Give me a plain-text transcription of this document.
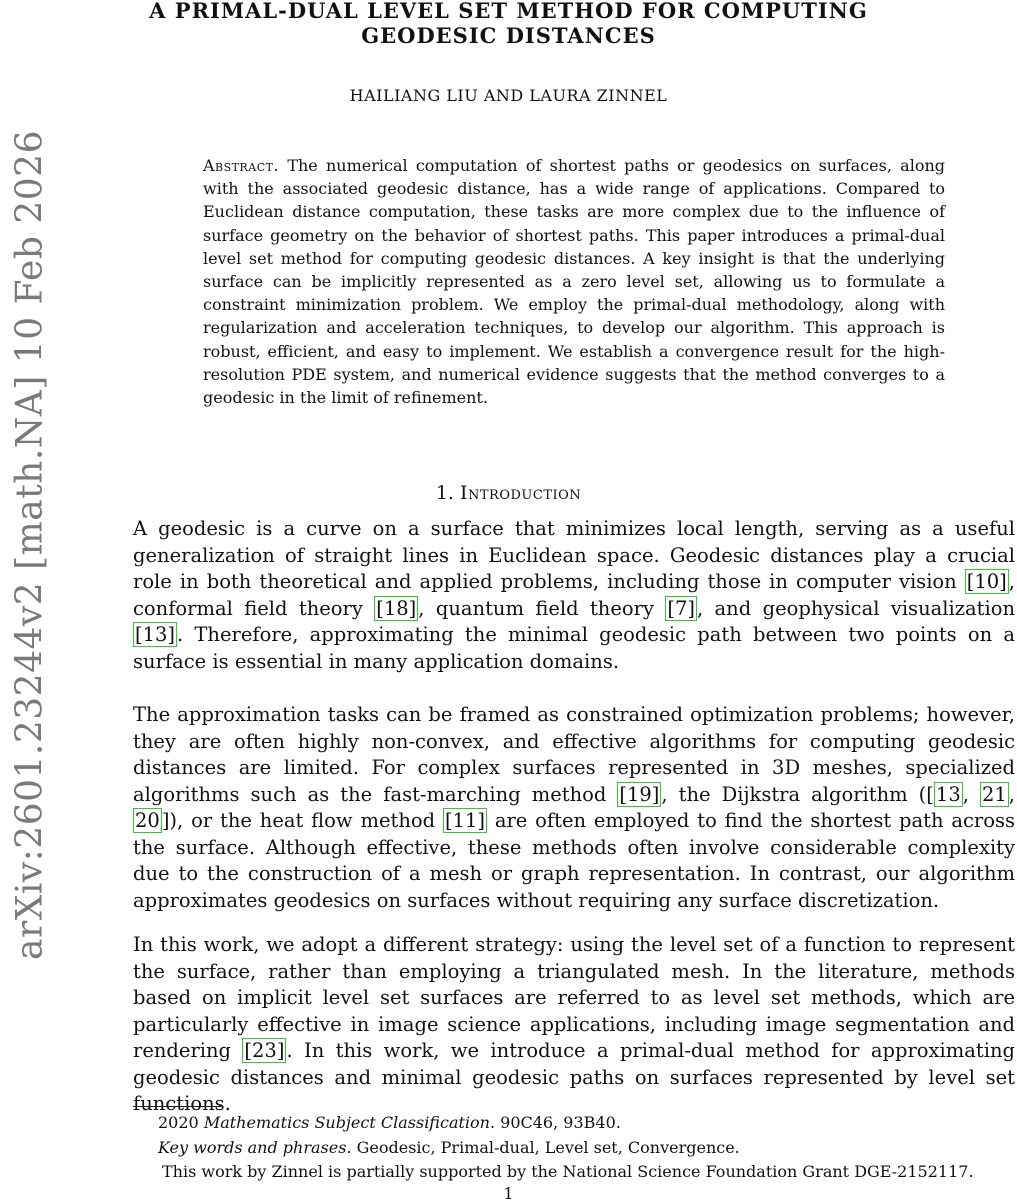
arXiv:2601.23244v2 [math.NA] 10 Feb 2026
A PRIMAL-DUAL LEVEL SET METHOD FOR COMPUTING
GEODESIC DISTANCES
HAILIANG LIU AND LAURA ZINNEL
Abstract. The numerical computation of shortest paths or geodesics on surfaces, along with the associated geodesic distance, has a wide range of applications. Compared to Euclidean distance computation, these tasks are more complex due to the influence of surface geometry on the behavior of shortest paths. This paper introduces a primal-dual level set method for computing geodesic distances. A key insight is that the underlying surface can be implicitly represented as a zero level set, allowing us to formulate a constraint minimization problem. We employ the primal-dual methodology, along with regularization and acceleration techniques, to develop our algorithm. This approach is robust, efficient, and easy to implement. We establish a convergence result for the high-resolution PDE system, and numerical evidence suggests that the method converges to a geodesic in the limit of refinement.
1. Introduction

A geodesic is a curve on a surface that minimizes local length, serving as a useful generalization of straight lines in Euclidean space. Geodesic distances play a crucial role in both theoretical and applied problems, including those in computer vision [10] , conformal field theory [18] , quantum field theory [7] , and geophysical visualization [13] . Therefore, approximating the minimal geodesic path between two points on a surface is essential in many application domains.

The approximation tasks can be framed as constrained optimization problems; however, they are often highly non-convex, and effective algorithms for computing geodesic distances are limited. For complex surfaces represented in 3D meshes, specialized algorithms such as the fast-marching method [19] , the Dijkstra algorithm ([ 13 , 21 , 20 ]), or the heat flow method [11] are often employed to find the shortest path across the surface. Although effective, these methods often involve considerable complexity due to the construction of a mesh or graph representation. In contrast, our algorithm approximates geodesics on surfaces without requiring any surface discretization.

In this work, we adopt a different strategy: using the level set of a function to represent the surface, rather than employing a triangulated mesh. In the literature, methods based on implicit level set surfaces are referred to as level set methods, which are particularly effective in image science applications, including image segmentation and rendering [23] . In this work, we introduce a primal-dual method for approximating geodesic distances and minimal geodesic paths on surfaces represented by level set functions.

2020 Mathematics Subject Classification. 90C46, 93B40.
Key words and phrases. Geodesic, Primal-dual, Level set, Convergence.
This work by Zinnel is partially supported by the National Science Foundation Grant DGE-2152117.
1
